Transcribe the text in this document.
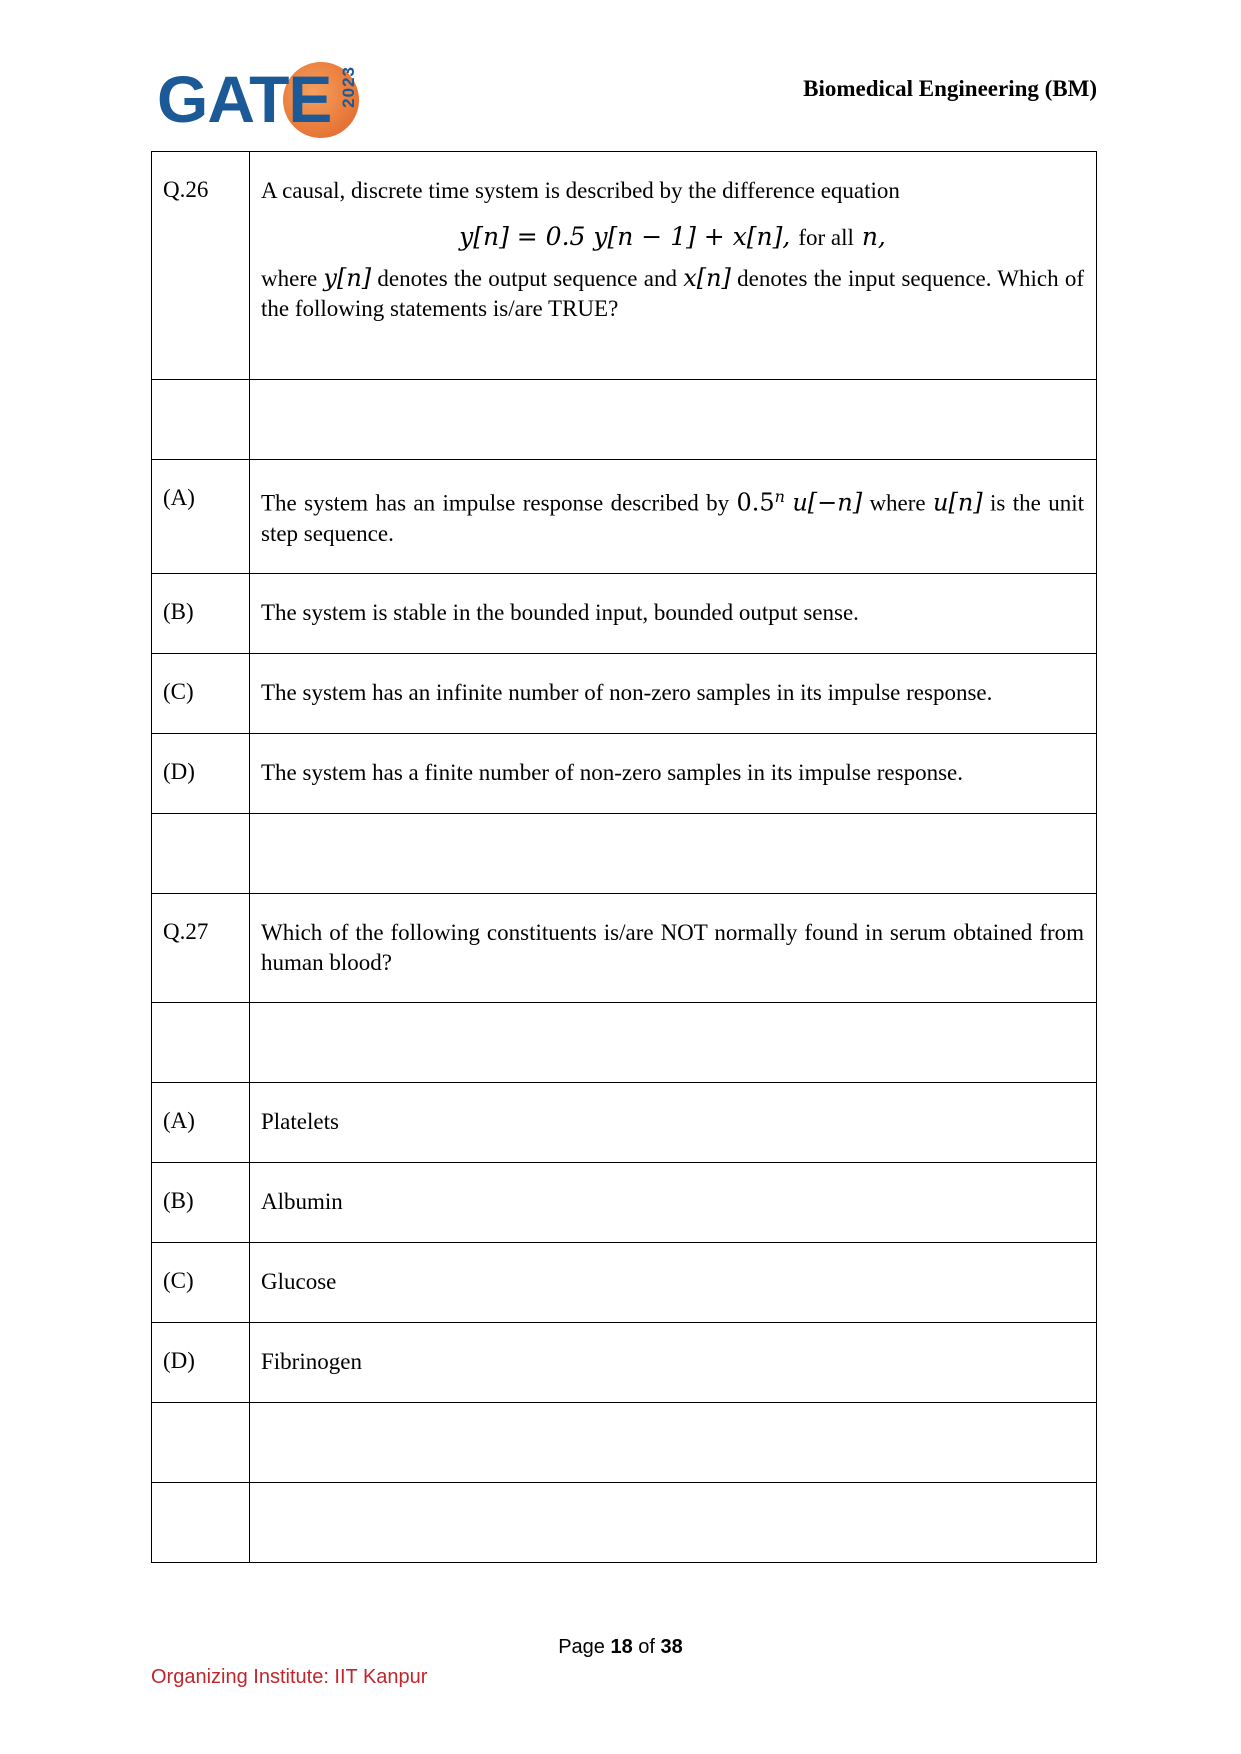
GATE 2023	Biomedical Engineering (BM)
Q.26	A causal, discrete time system is described by the difference equation
y[n] = 0.5 y[n − 1] + x[n], for all n,
where y[n] denotes the output sequence and x[n] denotes the input sequence. Which of the following statements is/are TRUE?

(A)	The system has an impulse response described by 0.5$^n$ u[−n] where u[n] is the unit step sequence.

(B)	The system is stable in the bounded input, bounded output sense.

(C)	The system has an infinite number of non-zero samples in its impulse response.

(D)	The system has a finite number of non-zero samples in its impulse response.

Q.27	Which of the following constituents is/are NOT normally found in serum obtained from human blood?

(A)	Platelets

(B)	Albumin

(C)	Glucose

(D)	Fibrinogen

Page 18 of 38
Organizing Institute: IIT Kanpur
